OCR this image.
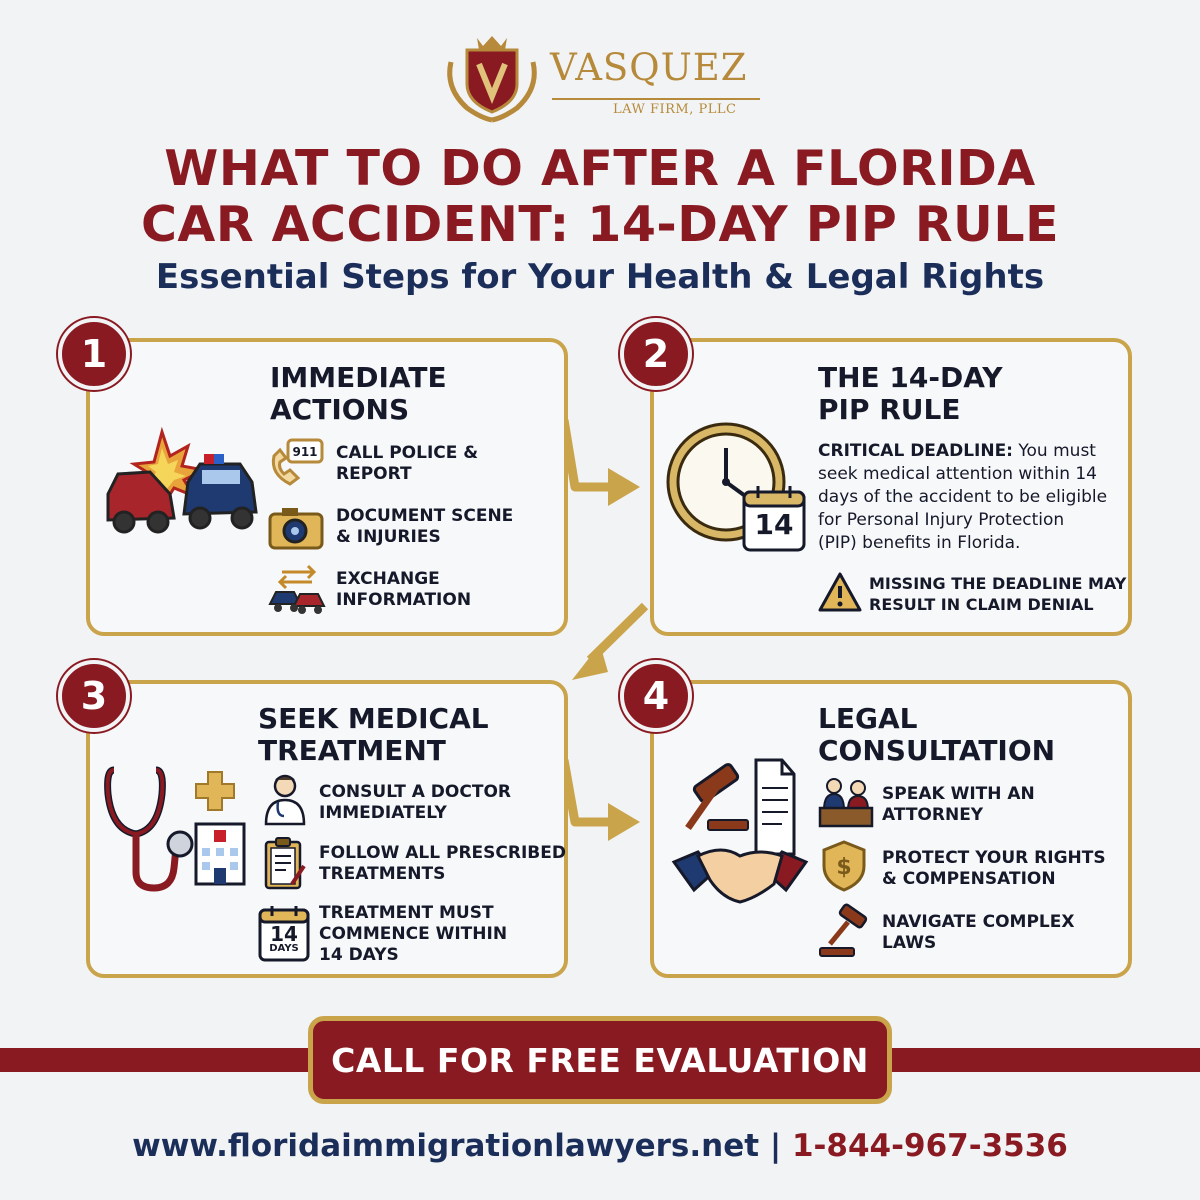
VASQUEZ
LAW FIRM, PLLC
WHAT TO DO AFTER A FLORIDA
CAR ACCIDENT: 14-DAY PIP RULE
Essential Steps for Your Health & Legal Rights
1
IMMEDIATE
ACTIONS
911 CALL POLICE &
REPORT
DOCUMENT SCENE
& INJURIES
EXCHANGE
INFORMATION
2
THE 14-DAY
PIP RULE
14
CRITICAL DEADLINE: You must
seek medical attention within 14
days of the accident to be eligible
for Personal Injury Protection
(PIP) benefits in Florida.
MISSING THE DEADLINE MAY
RESULT IN CLAIM DENIAL
3
SEEK MEDICAL
TREATMENT
CONSULT A DOCTOR
IMMEDIATELY
FOLLOW ALL PRESCRIBED
TREATMENTS
14
DAYS
TREATMENT MUST
COMMENCE WITHIN
14 DAYS
4
LEGAL
CONSULTATION
SPEAK WITH AN
ATTORNEY
$ PROTECT YOUR RIGHTS
& COMPENSATION
NAVIGATE COMPLEX
LAWS
CALL FOR FREE EVALUATION
www.floridaimmigrationlawyers.net | 1-844-967-3536
